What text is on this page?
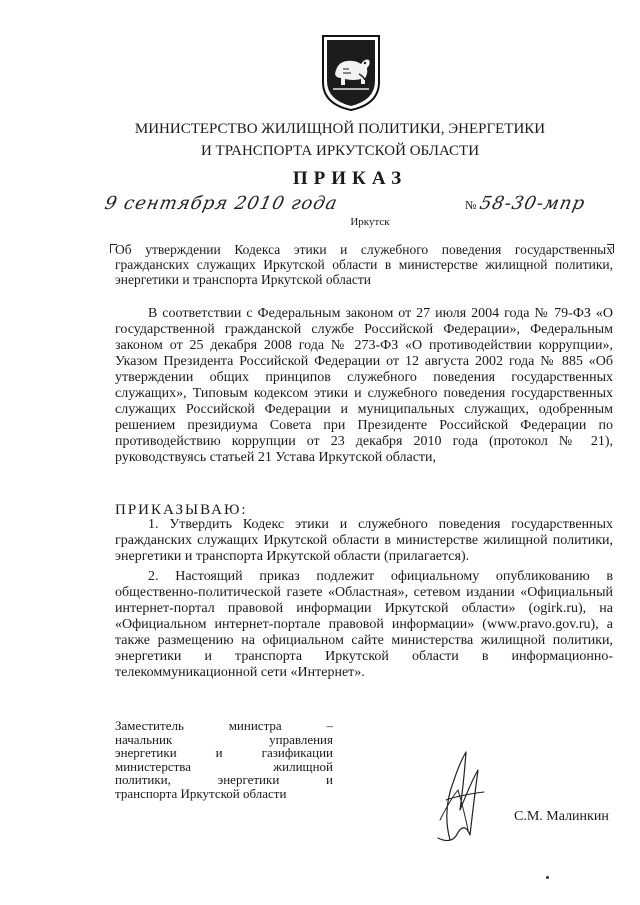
МИНИСТЕРСТВО ЖИЛИЩНОЙ ПОЛИТИКИ, ЭНЕРГЕТИКИ
И ТРАНСПОРТА ИРКУТСКОЙ ОБЛАСТИ
ПРИКАЗ
9 сентября 2010 года	№ 58-30-мпр
Иркутск
Об утверждении Кодекса этики и служебного поведения государственных гражданских служащих Иркутской области в министерстве жилищной политики, энергетики и транспорта Иркутской области
В соответствии с Федеральным законом от 27 июля 2004 года № 79-ФЗ «О государственной гражданской службе Российской Федерации», Федеральным законом от 25 декабря 2008 года № 273-ФЗ «О противодействии коррупции», Указом Президента Российской Федерации от 12 августа 2002 года № 885 «Об утверждении общих принципов служебного поведения государственных служащих», Типовым кодексом этики и служебного поведения государственных служащих Российской Федерации и муниципальных служащих, одобренным решением президиума Совета при Президенте Российской Федерации по противодействию коррупции от 23 декабря 2010 года (протокол № 21), руководствуясь статьей 21 Устава Иркутской области,
ПРИКАЗЫВАЮ:
1. Утвердить Кодекс этики и служебного поведения государственных гражданских служащих Иркутской области в министерстве жилищной политики, энергетики и транспорта Иркутской области (прилагается).
2. Настоящий приказ подлежит официальному опубликованию в общественно-политической газете «Областная», сетевом издании «Официальный интернет-портал правовой информации Иркутской области» (ogirk.ru), на «Официальном интернет-портале правовой информации» (www.pravo.gov.ru), а также размещению на официальном сайте министерства жилищной политики, энергетики и транспорта Иркутской области в информационно-телекоммуникационной сети «Интернет».
Заместитель министра –
начальник управления
энергетики и газификации
министерства жилищной
политики, энергетики и
транспорта Иркутской области
С.М. Малинкин
